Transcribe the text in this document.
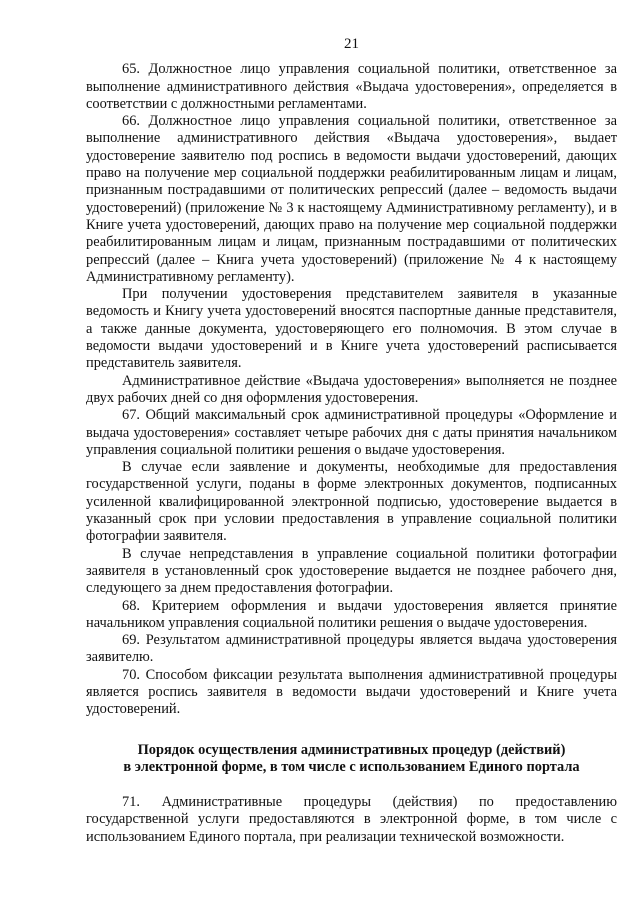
21

65. Должностное лицо управления социальной политики, ответственное за выполнение административного действия «Выдача удостоверения», определяется в соответствии с должностными регламентами.

66. Должностное лицо управления социальной политики, ответственное за выполнение административного действия «Выдача удостоверения», выдает удостоверение заявителю под роспись в ведомости выдачи удостоверений, дающих право на получение мер социальной поддержки реабилитированным лицам и лицам, признанным пострадавшими от политических репрессий (далее – ведомость выдачи удостоверений) (приложение № 3 к настоящему Административному регламенту), и в Книге учета удостоверений, дающих право на получение мер социальной поддержки реабилитированным лицам и лицам, признанным пострадавшими от политических репрессий (далее – Книга учета удостоверений) (приложение № 4 к настоящему Административному регламенту).

При получении удостоверения представителем заявителя в указанные ведомость и Книгу учета удостоверений вносятся паспортные данные представителя, а также данные документа, удостоверяющего его полномочия. В этом случае в ведомости выдачи удостоверений и в Книге учета удостоверений расписывается представитель заявителя.

Административное действие «Выдача удостоверения» выполняется не позднее двух рабочих дней со дня оформления удостоверения.

67. Общий максимальный срок административной процедуры «Оформление и выдача удостоверения» составляет четыре рабочих дня с даты принятия начальником управления социальной политики решения о выдаче удостоверения.

В случае если заявление и документы, необходимые для предоставления государственной услуги, поданы в форме электронных документов, подписанных усиленной квалифицированной электронной подписью, удостоверение выдается в указанный срок при условии предоставления в управление социальной политики фотографии заявителя.

В случае непредставления в управление социальной политики фотографии заявителя в установленный срок удостоверение выдается не позднее рабочего дня, следующего за днем предоставления фотографии.

68. Критерием оформления и выдачи удостоверения является принятие начальником управления социальной политики решения о выдаче удостоверения.

69. Результатом административной процедуры является выдача удостоверения заявителю.

70. Способом фиксации результата выполнения административной процедуры является роспись заявителя в ведомости выдачи удостоверений и Книге учета удостоверений.

Порядок осуществления административных процедур (действий)
в электронной форме, в том числе с использованием Единого портала

71. Административные процедуры (действия) по предоставлению государственной услуги предоставляются в электронной форме, в том числе с использованием Единого портала, при реализации технической возможности.
